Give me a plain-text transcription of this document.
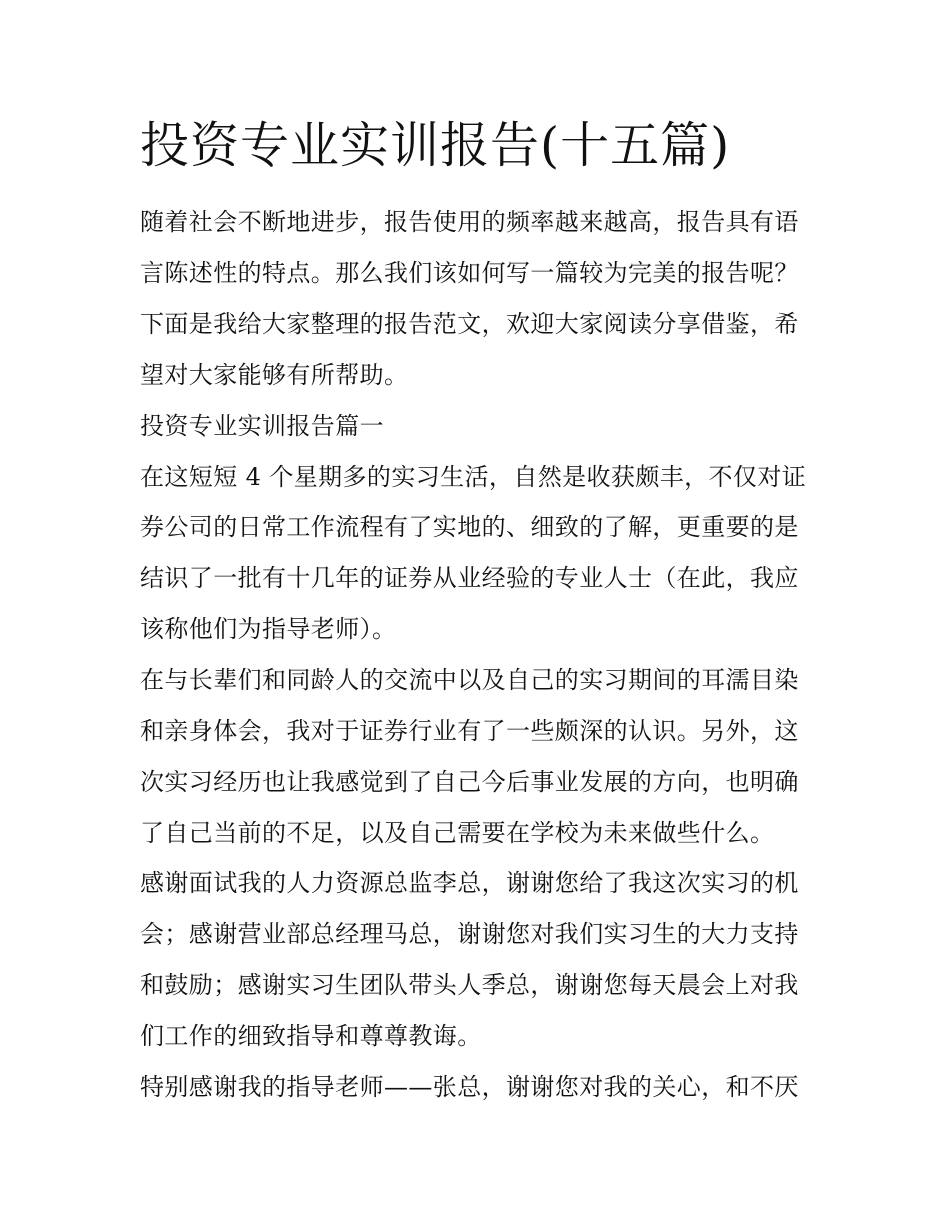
投资专业实训报告(十五篇)

随着社会不断地进步，报告使用的频率越来越高，报告具有语

言陈述性的特点。那么我们该如何写一篇较为完美的报告呢？

下面是我给大家整理的报告范文，欢迎大家阅读分享借鉴，希

望对大家能够有所帮助。

投资专业实训报告篇一

在这短短 4 个星期多的实习生活，自然是收获颇丰，不仅对证

券公司的日常工作流程有了实地的、细致的了解，更重要的是

结识了一批有十几年的证券从业经验的专业人士（在此，我应

该称他们为指导老师）。

在与长辈们和同龄人的交流中以及自己的实习期间的耳濡目染

和亲身体会，我对于证券行业有了一些颇深的认识。另外，这

次实习经历也让我感觉到了自己今后事业发展的方向，也明确

了自己当前的不足，以及自己需要在学校为未来做些什么。

感谢面试我的人力资源总监李总，谢谢您给了我这次实习的机

会；感谢营业部总经理马总，谢谢您对我们实习生的大力支持

和鼓励；感谢实习生团队带头人季总，谢谢您每天晨会上对我

们工作的细致指导和尊尊教诲。

特别感谢我的指导老师——张总，谢谢您对我的关心，和不厌
